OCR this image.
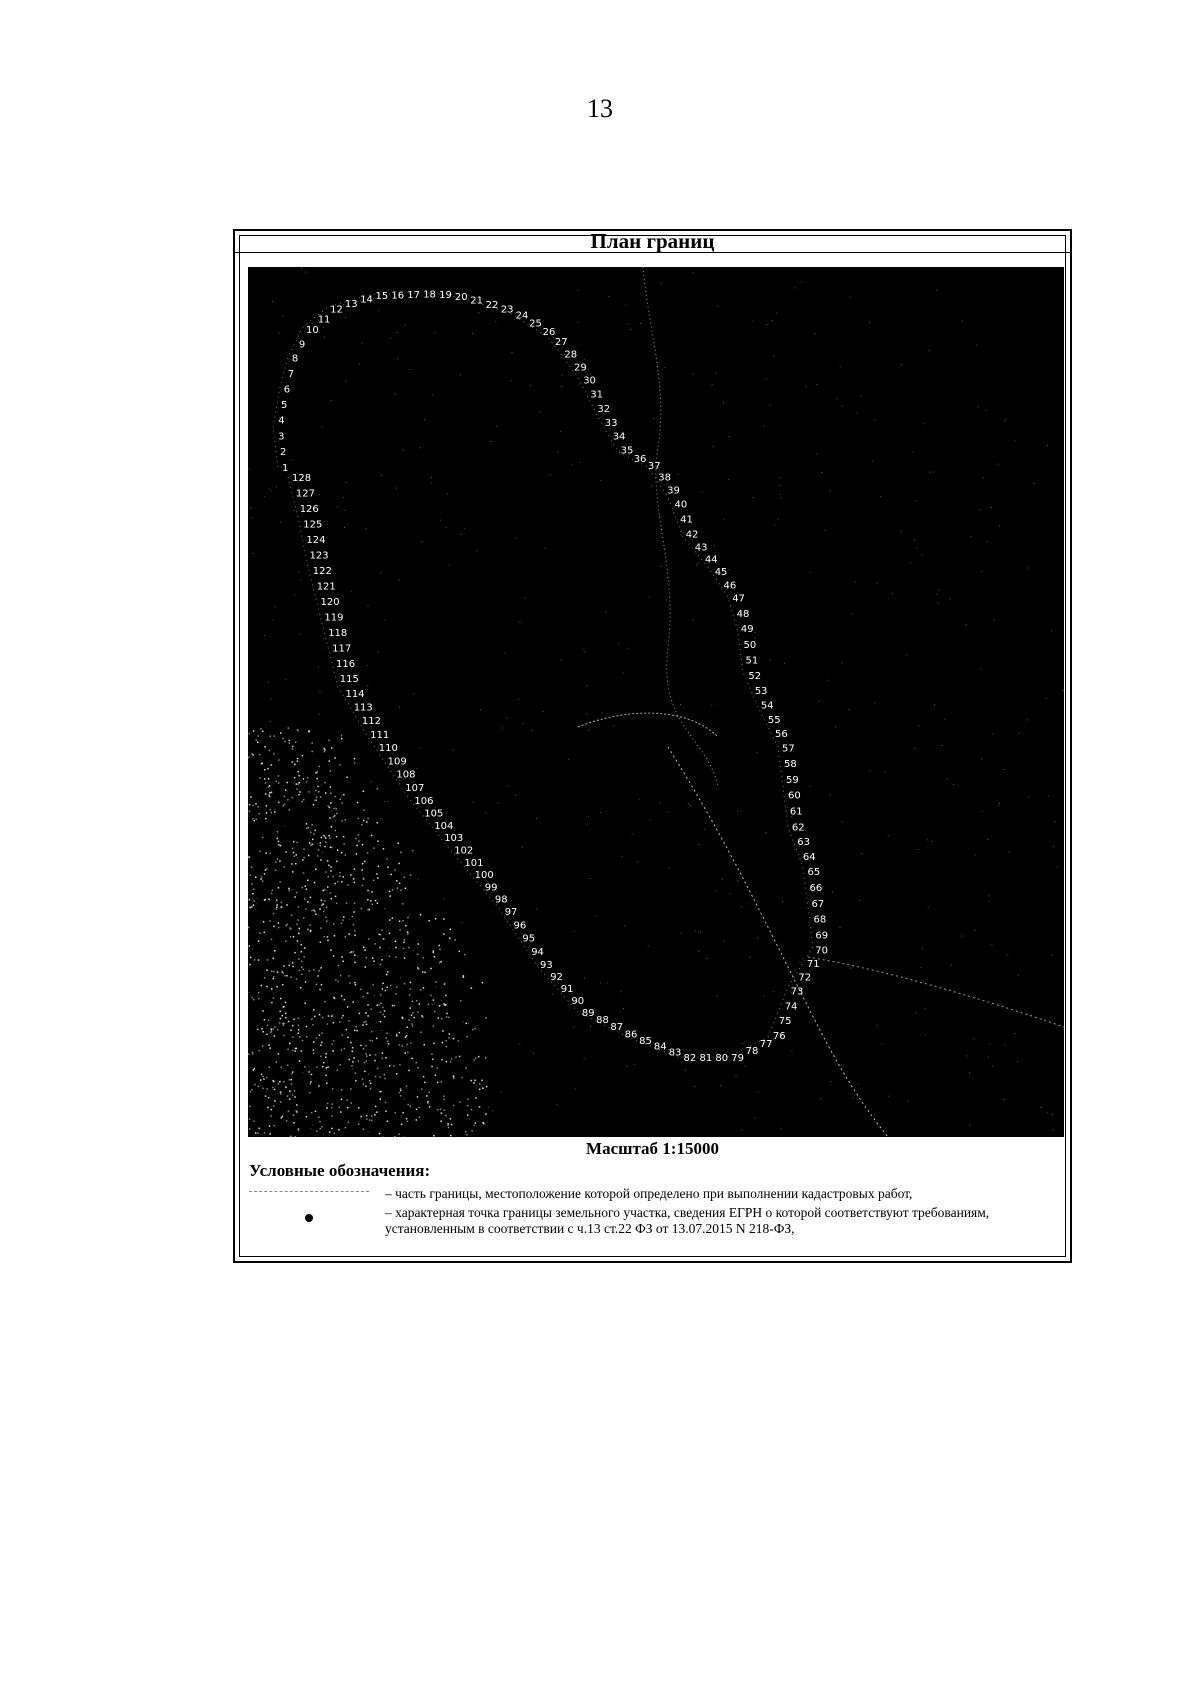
13
План границ
1
2
3
4
5
6
7
8
9
10
11
12 13 14 15 16 17 18 19 20 21 22 23
24
25
26
27
28
29
30
31
32
33
34
35
36
37
38
39
40
41
42
43
44
45
46
47
48
49
50
51
52
53
54
55
56
57
58
59
60
61
62
63
64
65
66
67
68
69
70
71
72
73
74
75
76
77
78
79
80
81
82
83
84
85
86
87
88
89
90
91
92
93
94
95
96
97
98
99
100
101
102
103
104
105
106
107
108
109
110
111
112
113
114
115
116
117
118
119
120
121
122
123
124
125
126
127
128
Масштаб 1:15000
Условные обозначения:
– часть границы, местоположение которой определено при выполнении кадастровых работ,
– характерная точка границы земельного участка, сведения ЕГРН о которой соответствуют требованиям, установленным в соответствии с ч.13 ст.22 ФЗ от 13.07.2015 N 218-ФЗ,
